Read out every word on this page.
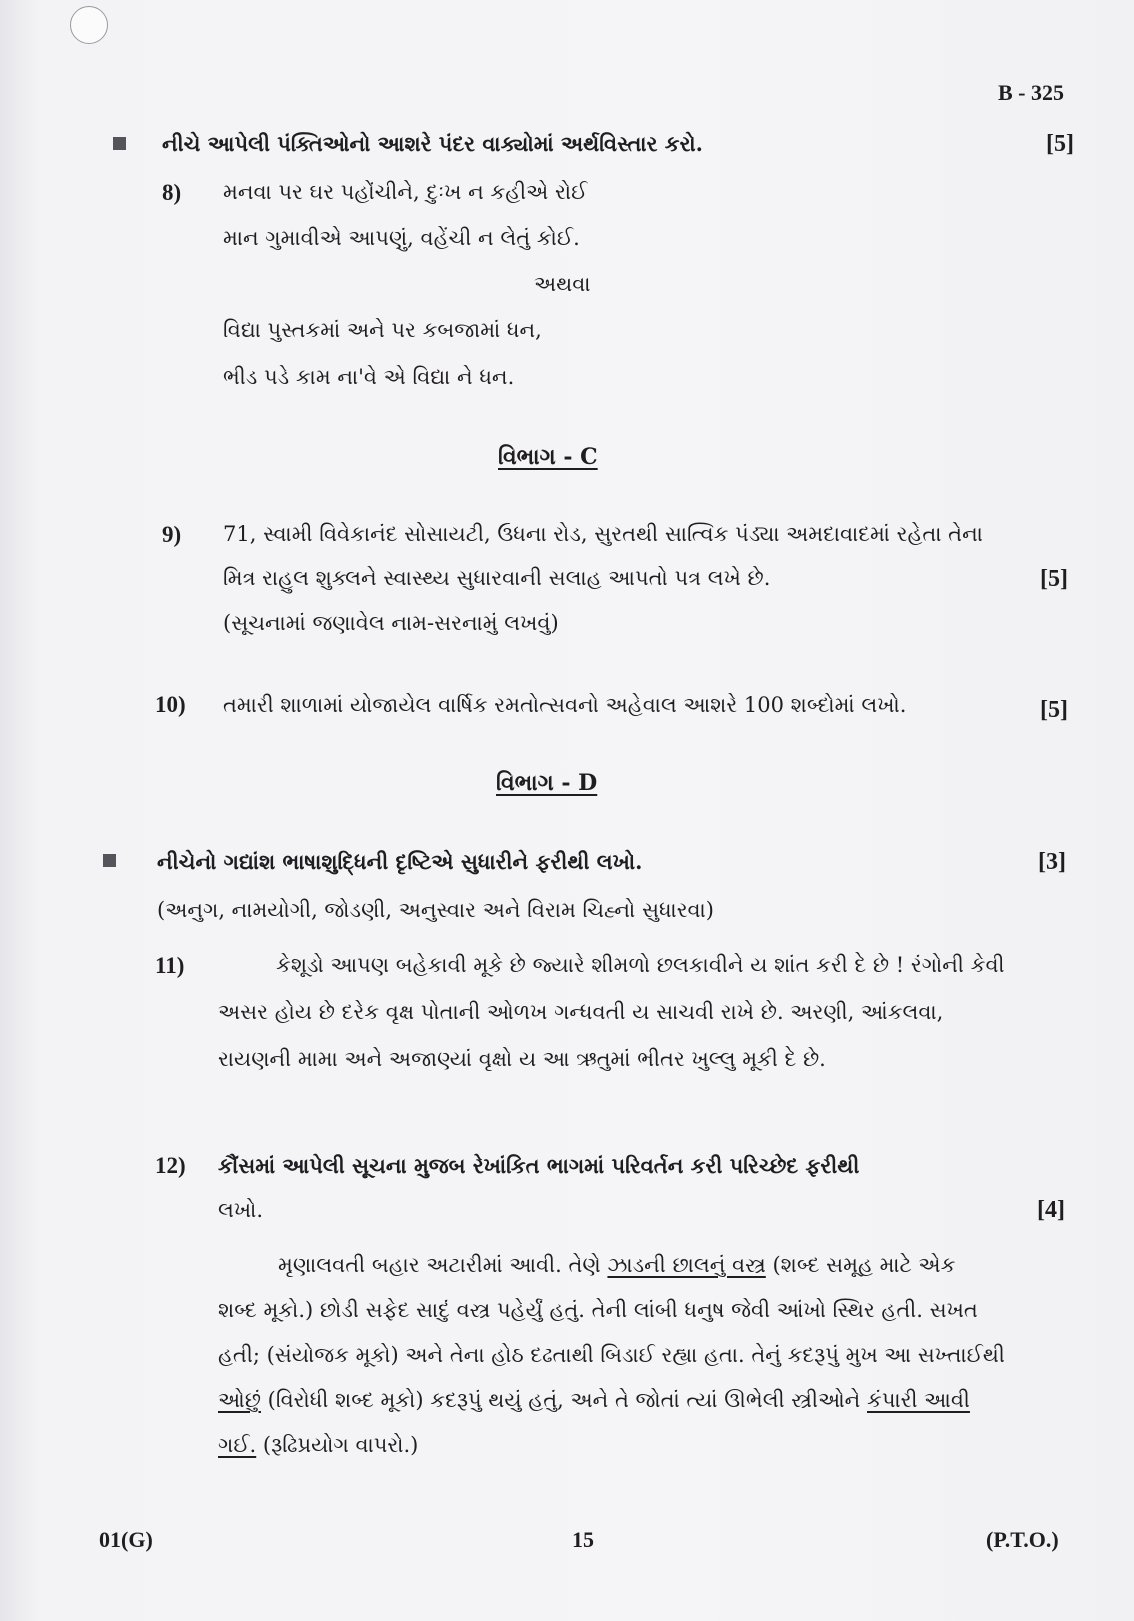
B - 325
નીચે આપેલી પંક્તિઓનો આશરે પંદર વાક્યોમાં અર્થવિસ્તાર કરો.	[5]
8) મનવા પર ઘર પહોંચીને, દુઃખ ન કહીએ રોઈ
માન ગુમાવીએ આપણું, વહેંચી ન લેતું કોઈ.
અથવા
વિદ્યા પુસ્તકમાં અને પર કબજામાં ધન,
ભીડ પડે કામ ના'વે એ વિદ્યા ને ધન.
વિભાગ - C
9) 71, સ્વામી વિવેકાનંદ સોસાયટી, ઉધના રોડ, સુરતથી સાત્વિક પંડ્યા અમદાવાદમાં રહેતા તેના
મિત્ર રાહુલ શુક્લને સ્વાસ્થ્ય સુધારવાની સલાહ આપતો પત્ર લખે છે.	[5]
(સૂચનામાં જણાવેલ નામ-સરનામું લખવું)
10) તમારી શાળામાં યોજાયેલ વાર્ષિક રમતોત્સવનો અહેવાલ આશરે 100 શબ્દોમાં લખો.	[5]
વિભાગ - D
નીચેનો ગદ્યાંશ ભાષાશુદ્ધિની દૃષ્ટિએ સુધારીને ફરીથી લખો.	[3]
(અનુગ, નામયોગી, જોડણી, અનુસ્વાર અને વિરામ ચિહ્નો સુધારવા)
11)	કેશૂડો આપણ બહેકાવી મૂકે છે જ્યારે શીમળો છલકાવીને ય શાંત કરી દે છે ! રંગોની કેવી
અસર હોય છે દરેક વૃક્ષ પોતાની ઓળખ ગન્ધવતી ય સાચવી રાખે છે. અરણી, આંકલવા,
રાયણની મામા અને અજાણ્યાં વૃક્ષો ય આ ઋતુમાં ભીતર ખુલ્લુ મૂકી દે છે.
12) કૌંસમાં આપેલી સૂચના મુજબ રેખાંકિત ભાગમાં પરિવર્તન કરી પરિચ્છેદ ફરીથી
લખો.	[4]
મૃણાલવતી બહાર અટારીમાં આવી. તેણે ઝાડની છાલનું વસ્ત્ર (શબ્દ સમૂહ માટે એક
શબ્દ મૂકો.) છોડી સફેદ સાદું વસ્ત્ર પહેર્યું હતું. તેની લાંબી ધનુષ જેવી આંખો સ્થિર હતી. સખત
હતી; (સંયોજક મૂકો) અને તેના હોઠ દઢતાથી બિડાઈ રહ્યા હતા. તેનું કદરૂપું મુખ આ સખ્તાઈથી
ઓછું (વિરોધી શબ્દ મૂકો) કદરૂપું થયું હતું, અને તે જોતાં ત્યાં ઊભેલી સ્ત્રીઓને કંપારી આવી
ગઈ. (રૂઢિપ્રયોગ વાપરો.)
01(G)	15	(P.T.O.)
